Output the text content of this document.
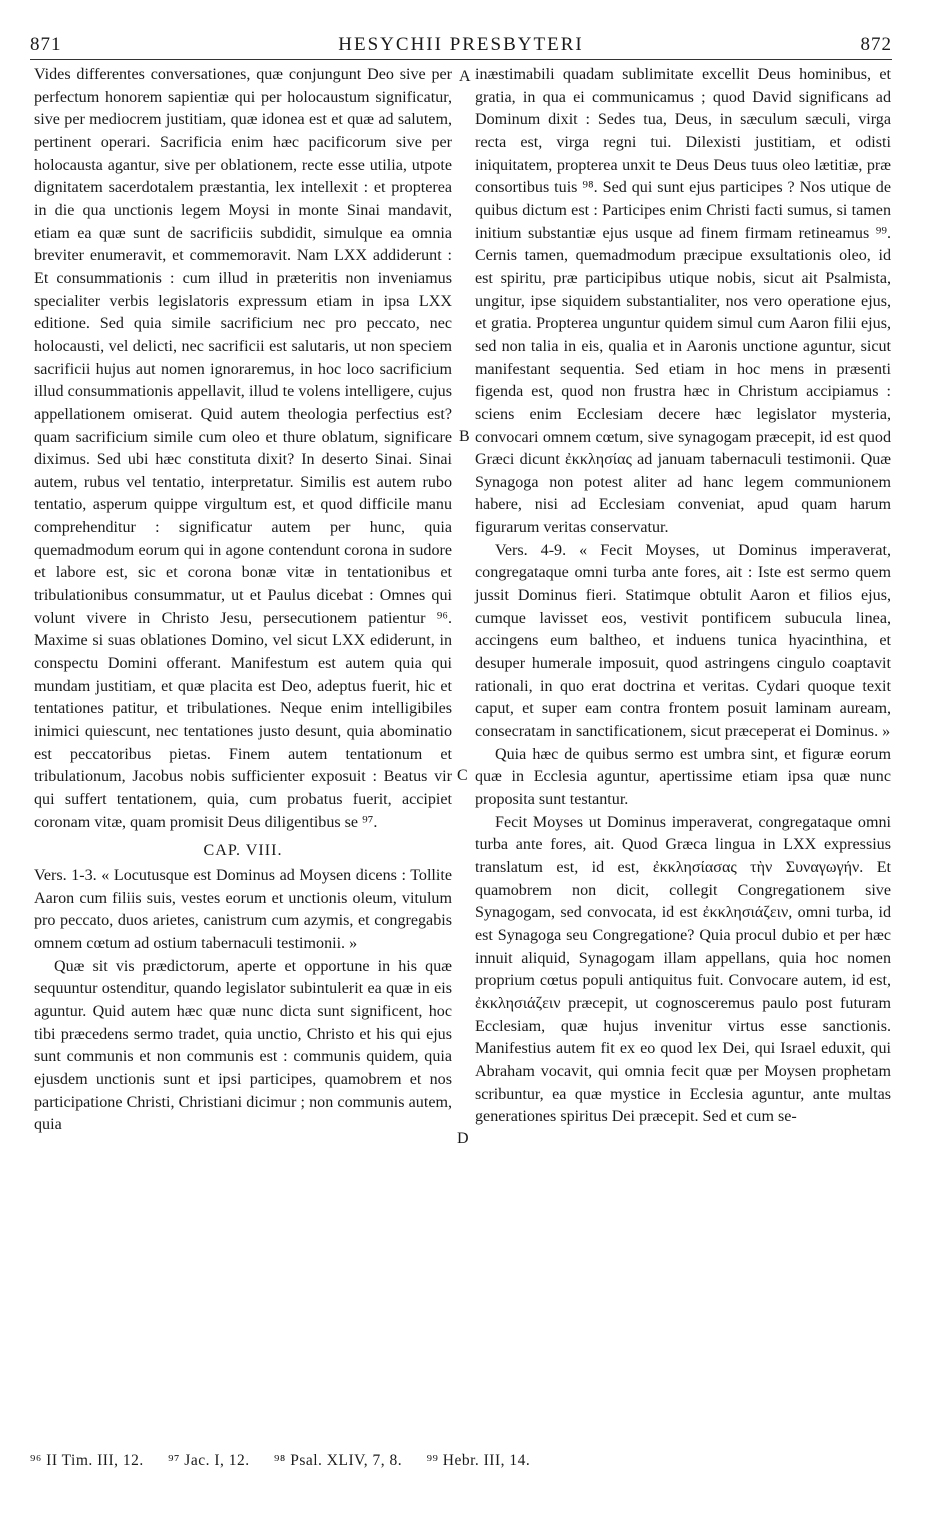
871	HESYCHII PRESBYTERI	872

Vides differentes conversationes, quæ conjungunt Deo sive per perfectum honorem sapientiæ qui per holocaustum significatur, sive per mediocrem justitiam, quæ idonea est et quæ ad salutem, pertinent operari. Sacrificia enim hæc pacificorum sive per holocausta agantur, sive per oblationem, recte esse utilia, utpote dignitatem sacerdotalem præstantia, lex intellexit : et propterea in die qua unctionis legem Moysi in monte Sinai mandavit, etiam ea quæ sunt de sacrificiis subdidit, simulque ea omnia breviter enumeravit, et commemoravit. Nam LXX addiderunt : Et consummationis : cum illud in præteritis non inveniamus specialiter verbis legislatoris expressum etiam in ipsa LXX editione. Sed quia simile sacrificium nec pro peccato, nec holocausti, vel delicti, nec sacrificii est salutaris, ut non speciem sacrificii hujus aut nomen ignoraremus, in hoc loco sacrificium illud consummationis appellavit, illud te volens intelligere, cujus appellationem omiserat. Quid autem theologia perfectius est? quam sacrificium simile cum oleo et thure oblatum, significare diximus. Sed ubi hæc constituta dixit? In deserto Sinai. Sinai autem, rubus vel tentatio, interpretatur. Similis est autem rubo tentatio, asperum quippe virgultum est, et quod difficile manu comprehenditur : significatur autem per hunc, quia quemadmodum eorum qui in agone contendunt corona in sudore et labore est, sic et corona bonæ vitæ in tentationibus et tribulationibus consummatur, ut et Paulus dicebat : Omnes qui volunt vivere in Christo Jesu, persecutionem patientur ⁹⁶. Maxime si suas oblationes Domino, vel sicut LXX ediderunt, in conspectu Domini offerant. Manifestum est autem quia qui mundam justitiam, et quæ placita est Deo, adeptus fuerit, hic et tentationes patitur, et tribulationes. Neque enim intelligibiles inimici quiescunt, nec tentationes justo desunt, quia abominatio est peccatoribus pietas. Finem autem tentationum et tribulationum, Jacobus nobis sufficienter exposuit : Beatus vir qui suffert tentationem, quia, cum probatus fuerit, accipiet coronam vitæ, quam promisit Deus diligentibus se ⁹⁷.

CAP. VIII.

Vers. 1-3. « Locutusque est Dominus ad Moysen dicens : Tollite Aaron cum filiis suis, vestes eorum et unctionis oleum, vitulum pro peccato, duos arietes, canistrum cum azymis, et congregabis omnem cœtum ad ostium tabernaculi testimonii. »

Quæ sit vis prædictorum, aperte et opportune in his quæ sequuntur ostenditur, quando legislator subintulerit ea quæ in eis aguntur. Quid autem hæc quæ nunc dicta sunt significent, hoc tibi præcedens sermo tradet, quia unctio, Christo et his qui ejus sunt communis et non communis est : communis quidem, quia ejusdem unctionis sunt et ipsi participes, quamobrem et nos participatione Christi, Christiani dicimur ; non communis autem, quia

inæstimabili quadam sublimitate excellit Deus hominibus, et gratia, in qua ei communicamus ; quod David significans ad Dominum dixit : Sedes tua, Deus, in sæculum sæculi, virga recta est, virga regni tui. Dilexisti justitiam, et odisti iniquitatem, propterea unxit te Deus Deus tuus oleo lætitiæ, præ consortibus tuis ⁹⁸. Sed qui sunt ejus participes ? Nos utique de quibus dictum est : Participes enim Christi facti sumus, si tamen initium substantiæ ejus usque ad finem firmam retineamus ⁹⁹. Cernis tamen, quemadmodum præcipue exsultationis oleo, id est spiritu, præ participibus utique nobis, sicut ait Psalmista, ungitur, ipse siquidem substantialiter, nos vero operatione ejus, et gratia. Propterea unguntur quidem simul cum Aaron filii ejus, sed non talia in eis, qualia et in Aaronis unctione aguntur, sicut manifestant sequentia. Sed etiam in hoc mens in præsenti figenda est, quod non frustra hæc in Christum accipiamus : sciens enim Ecclesiam decere hæc legislator mysteria, convocari omnem cœtum, sive synagogam præcepit, id est quod Græci dicunt ἐκκλησίας ad januam tabernaculi testimonii. Quæ Synagoga non potest aliter ad hanc legem communionem habere, nisi ad Ecclesiam conveniat, apud quam harum figurarum veritas conservatur.

Vers. 4-9. « Fecit Moyses, ut Dominus imperaverat, congregataque omni turba ante fores, ait : Iste est sermo quem jussit Dominus fieri. Statimque obtulit Aaron et filios ejus, cumque lavisset eos, vestivit pontificem subucula linea, accingens eum baltheo, et induens tunica hyacinthina, et desuper humerale imposuit, quod astringens cingulo coaptavit rationali, in quo erat doctrina et veritas. Cydari quoque texit caput, et super eam contra frontem posuit laminam auream, consecratam in sanctificationem, sicut præceperat ei Dominus. »

Quia hæc de quibus sermo est umbra sint, et figuræ eorum quæ in Ecclesia aguntur, apertissime etiam ipsa quæ nunc proposita sunt testantur.

Fecit Moyses ut Dominus imperaverat, congregataque omni turba ante fores, ait. Quod Græca lingua in LXX expressius translatum est, id est, ἐκκλησίασας τὴν Συναγωγήν. Et quamobrem non dicit, collegit Congregationem sive Synagogam, sed convocata, id est ἐκκλησιάζειν, omni turba, id est Synagoga seu Congregatione? Quia procul dubio et per hæc innuit aliquid, Synagogam illam appellans, quia hoc nomen proprium cœtus populi antiquitus fuit. Convocare autem, id est, ἐκκλησιάζειν præcepit, ut cognosceremus paulo post futuram Ecclesiam, quæ hujus invenitur virtus esse sanctionis. Manifestius autem fit ex eo quod lex Dei, qui Israel eduxit, qui Abraham vocavit, qui omnia fecit quæ per Moysen prophetam scribuntur, ea quæ mystice in Ecclesia aguntur, ante multas generationes spiritus Dei præcepit. Sed et cum se-

A
B
C
D
⁹⁶ II Tim. III, 12. ⁹⁷ Jac. I, 12. ⁹⁸ Psal. XLIV, 7, 8. ⁹⁹ Hebr. III, 14.
